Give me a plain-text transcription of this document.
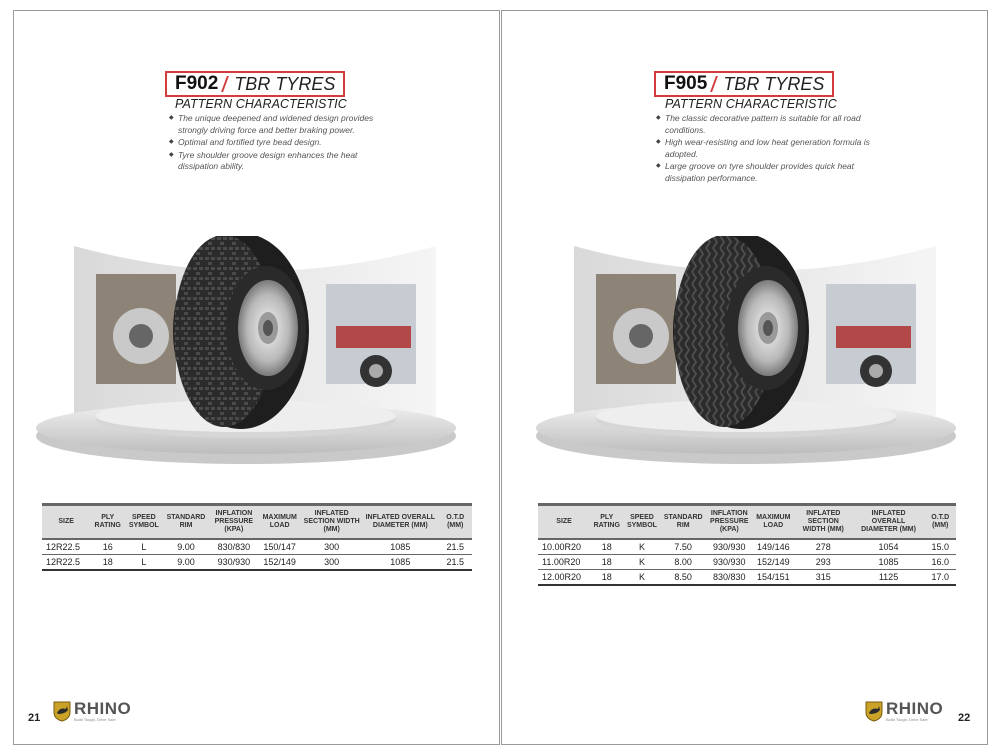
F902 TBR TYRES
PATTERN CHARACTERISTIC
◆ The unique deepened and widened design provides strongly driving force and better braking power.
◆ Optimal and fortified tyre bead design.
◆ Tyre shoulder groove design enhances the heat dissipation ability.
SIZE	PLY RATING	SPEED SYMBOL	STANDARD RIM	INFLATION PRESSURE (KPA)	MAXIMUM LOAD	INFLATED SECTION WIDTH (MM)	INFLATED OVERALL DIAMETER (MM)	O.T.D (MM)
12R22.5	16	L	9.00	830/830	150/147	300	1085	21.5
12R22.5	18	L	9.00	930/930	152/149	300	1085	21.5
21
RHINO
Build Tough, Drive Safe
F905 TBR TYRES
PATTERN CHARACTERISTIC
◆ The classic decorative pattern is suitable for all road conditions.
◆ High wear-resisting and low heat generation formula is adopted.
◆ Large groove on tyre shoulder provides quick heat dissipation performance.
SIZE	PLY RATING	SPEED SYMBOL	STANDARD RIM	INFLATION PRESSURE (KPA)	MAXIMUM LOAD	INFLATED SECTION WIDTH (MM)	INFLATED OVERALL DIAMETER (MM)	O.T.D (MM)
10.00R20	18	K	7.50	930/930	149/146	278	1054	15.0
11.00R20	18	K	8.00	930/930	152/149	293	1085	16.0
12.00R20	18	K	8.50	830/830	154/151	315	1125	17.0
RHINO
Build Tough, Drive Safe	22
